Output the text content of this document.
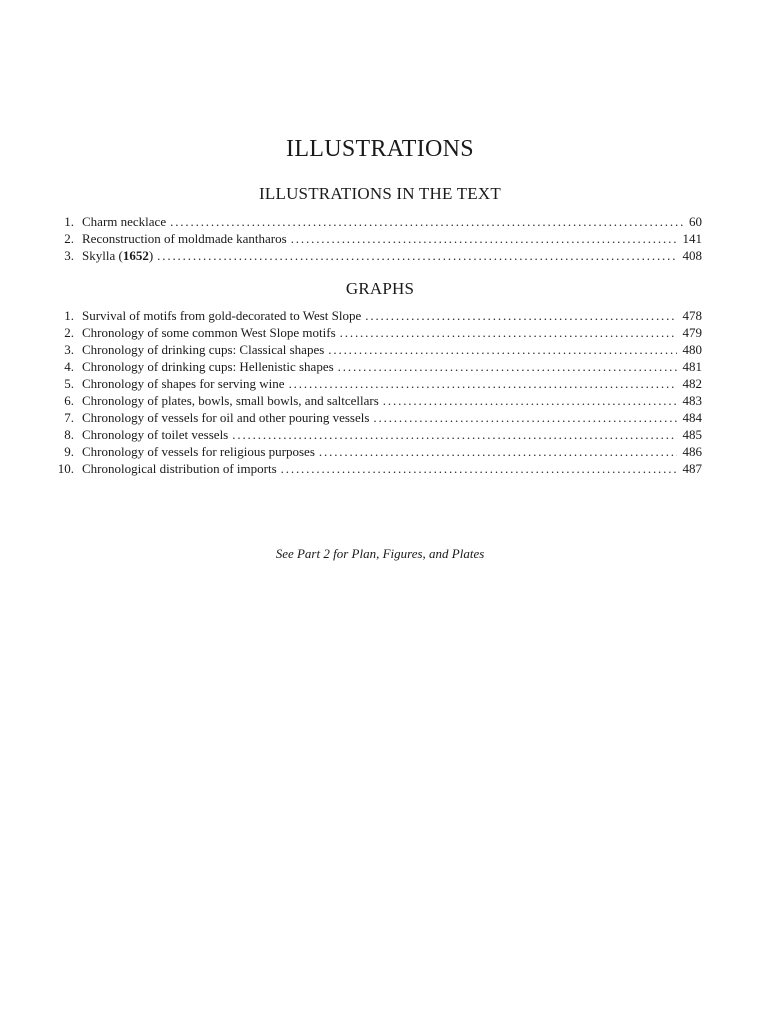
ILLUSTRATIONS
ILLUSTRATIONS IN THE TEXT
1. Charm necklace . . .	60
2. Reconstruction of moldmade kantharos . . .	141
3. Skylla (1652) . . .	408
GRAPHS
1. Survival of motifs from gold-decorated to West Slope . . .	478
2. Chronology of some common West Slope motifs . . .	479
3. Chronology of drinking cups: Classical shapes . . .	480
4. Chronology of drinking cups: Hellenistic shapes . . .	481
5. Chronology of shapes for serving wine . . .	482
6. Chronology of plates, bowls, small bowls, and saltcellars . . .	483
7. Chronology of vessels for oil and other pouring vessels . . .	484
8. Chronology of toilet vessels . . .	485
9. Chronology of vessels for religious purposes . . .	486
10. Chronological distribution of imports . . .	487
See Part 2 for Plan, Figures, and Plates
